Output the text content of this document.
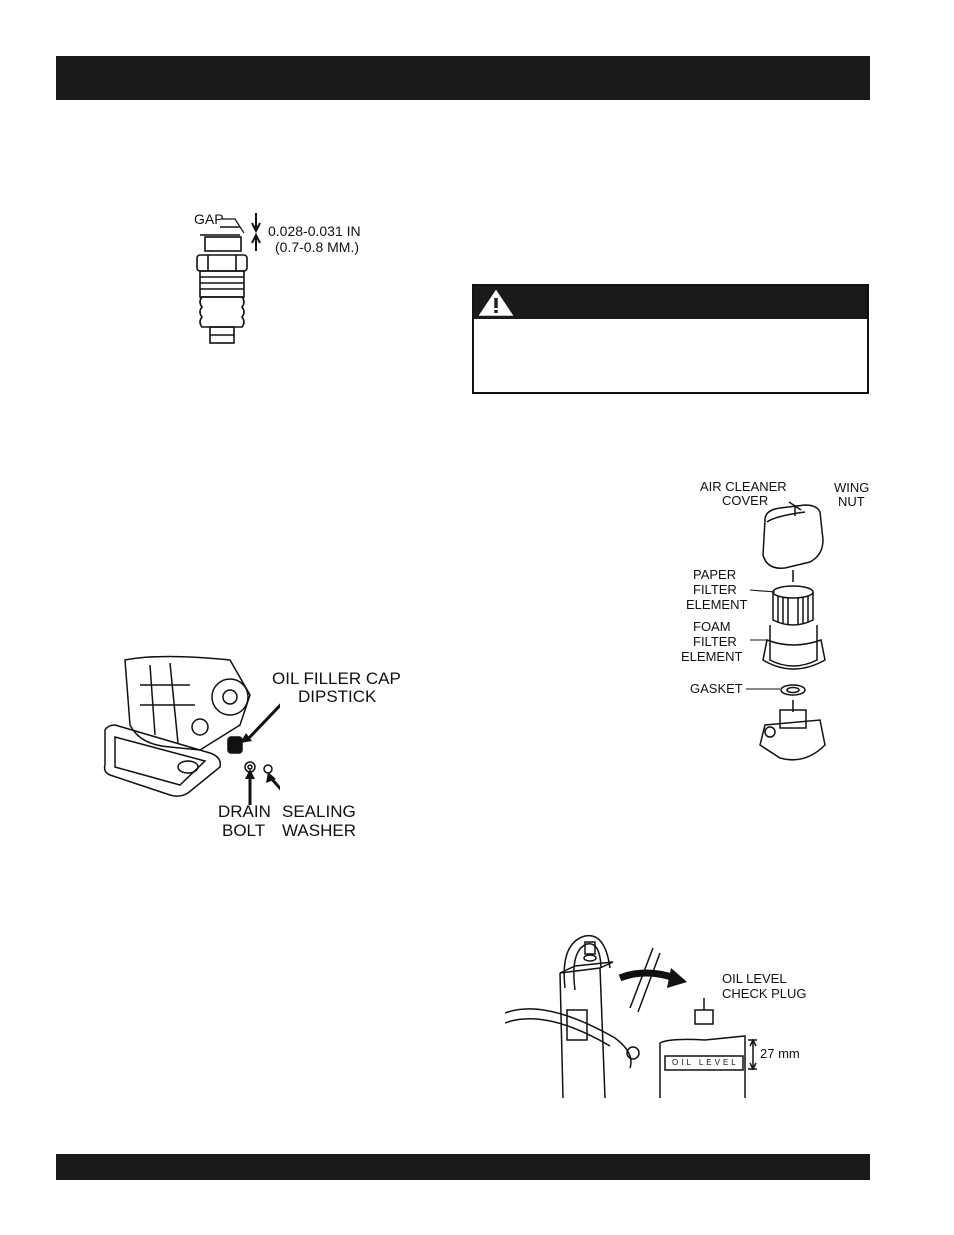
GAP
0.028-0.031 IN
(0.7-0.8 MM.)
OIL FILLER CAP
DIPSTICK
DRAIN
BOLT
SEALING
WASHER
AIR CLEANER
COVER
WING
NUT
PAPER
FILTER
ELEMENT
FOAM
FILTER
ELEMENT
GASKET
OIL LEVEL
OIL LEVEL
CHECK PLUG
27 mm
